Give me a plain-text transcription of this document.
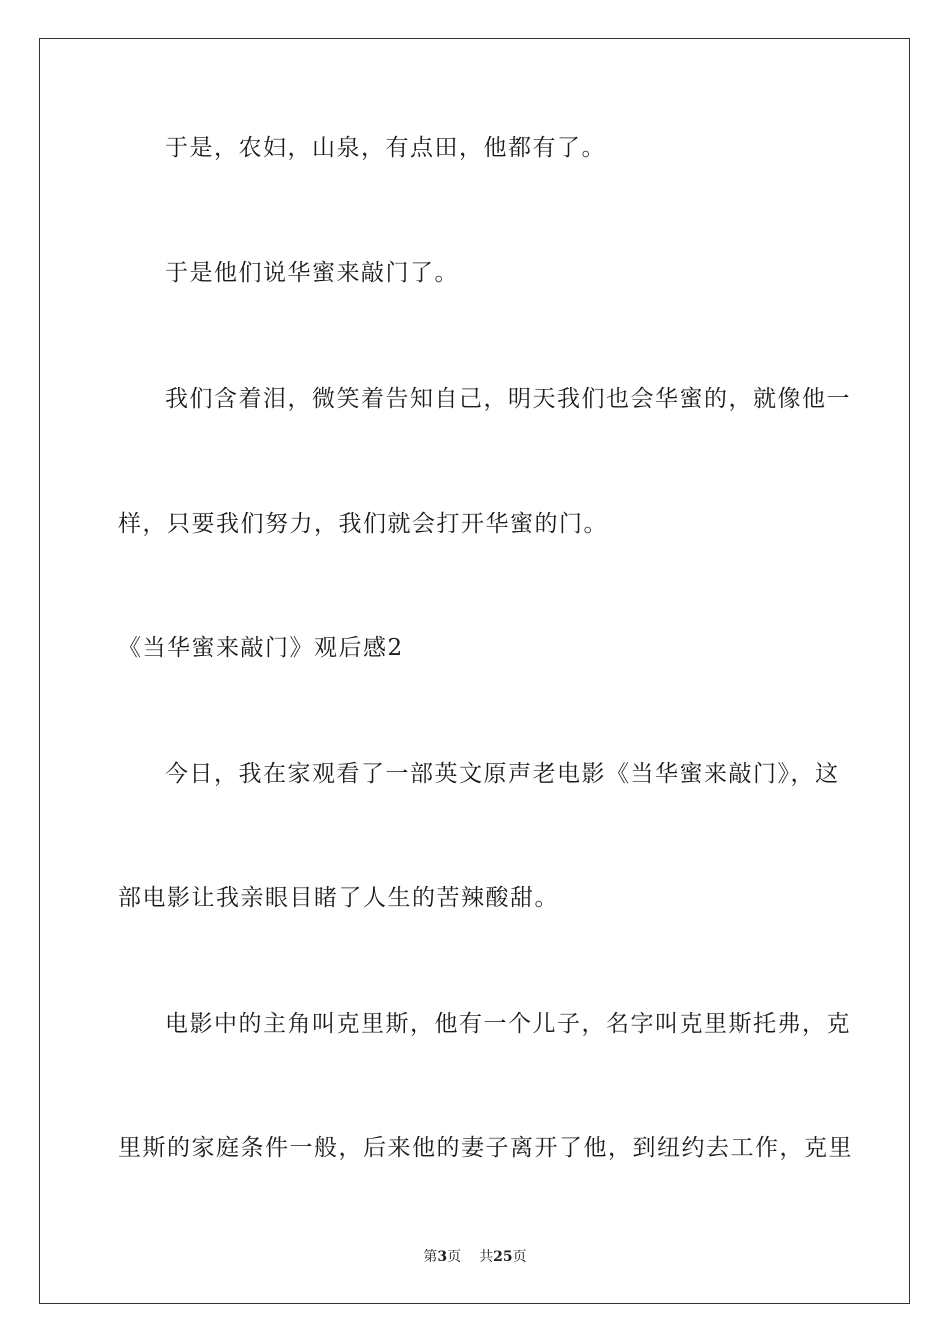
于是，农妇，山泉，有点田，他都有了。
于是他们说华蜜来敲门了。
我们含着泪，微笑着告知自己，明天我们也会华蜜的，就像他一
样，只要我们努力，我们就会打开华蜜的门。
《当华蜜来敲门》观后感2
今日，我在家观看了一部英文原声老电影《当华蜜来敲门》，这
部电影让我亲眼目睹了人生的苦辣酸甜。
电影中的主角叫克里斯，他有一个儿子，名字叫克里斯托弗，克
里斯的家庭条件一般，后来他的妻子离开了他，到纽约去工作，克里
第3页 共25页
